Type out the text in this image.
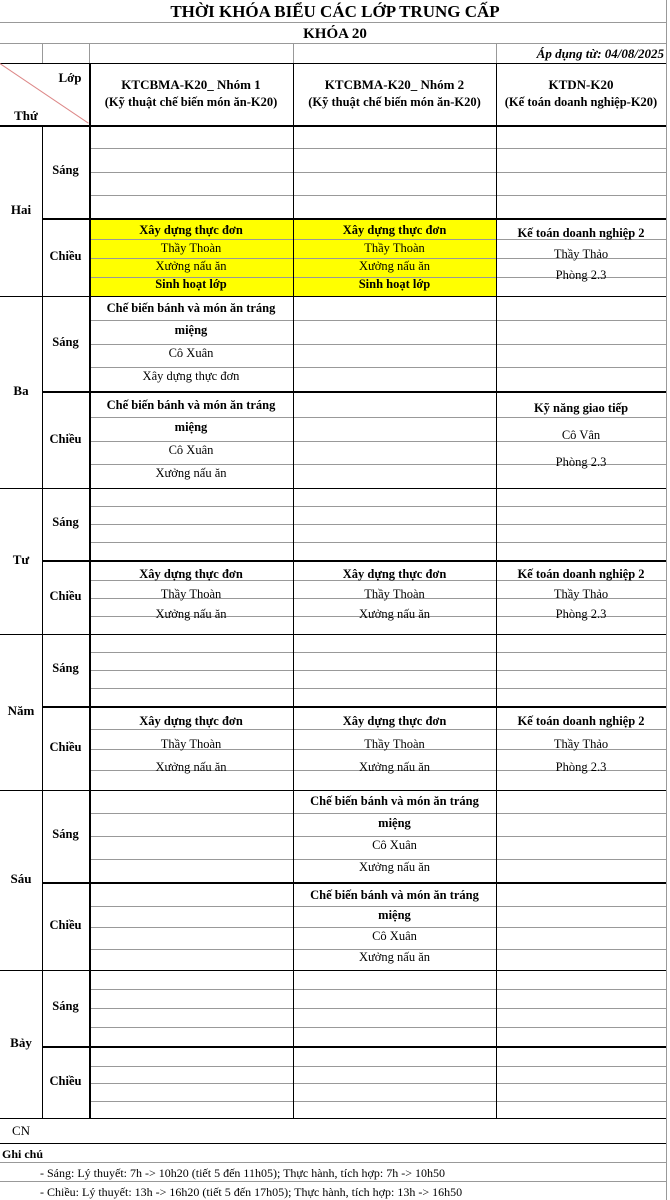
THỜI KHÓA BIỂU CÁC LỚP TRUNG CẤP
KHÓA 20
Áp dụng từ: 04/08/2025
Lớp
Thứ
KTCBMA-K20_ Nhóm 1
(Kỹ thuật chế biến món ăn-K20)
KTCBMA-K20_ Nhóm 2
(Kỹ thuật chế biến món ăn-K20)
KTDN-K20
(Kế toán doanh nghiệp-K20)
Hai
Sáng
Chiều
Xây dựng thực đơn
Thầy Thoàn
Xưởng nấu ăn
Sinh hoạt lớp
Xây dựng thực đơn
Thầy Thoàn
Xưởng nấu ăn
Sinh hoạt lớp
Kế toán doanh nghiệp 2
Thầy Thảo
Phòng 2.3
Ba
Sáng
Chế biến bánh và món ăn tráng
miệng
Cô Xuân
Xây dựng thực đơn
Chiều
Chế biến bánh và món ăn tráng
miệng
Cô Xuân
Xưởng nấu ăn
Kỹ năng giao tiếp
Cô Vân
Phòng 2.3
Tư
Sáng
Chiều
Xây dựng thực đơn
Thầy Thoàn
Xưởng nấu ăn
Xây dựng thực đơn
Thầy Thoàn
Xưởng nấu ăn
Kế toán doanh nghiệp 2
Thầy Thảo
Phòng 2.3
Năm
Sáng
Chiều
Xây dựng thực đơn
Thầy Thoàn
Xưởng nấu ăn
Xây dựng thực đơn
Thầy Thoàn
Xưởng nấu ăn
Kế toán doanh nghiệp 2
Thầy Thảo
Phòng 2.3
Sáu
Sáng
Chế biến bánh và món ăn tráng
miệng
Cô Xuân
Xưởng nấu ăn
Chiều
Chế biến bánh và món ăn tráng
miệng
Cô Xuân
Xưởng nấu ăn
Bảy
Sáng
Chiều
CN
Ghi chú
- Sáng: Lý thuyết: 7h -> 10h20 (tiết 5 đến 11h05); Thực hành, tích hợp: 7h -> 10h50
- Chiều: Lý thuyết: 13h -> 16h20 (tiết 5 đến 17h05); Thực hành, tích hợp: 13h -> 16h50
